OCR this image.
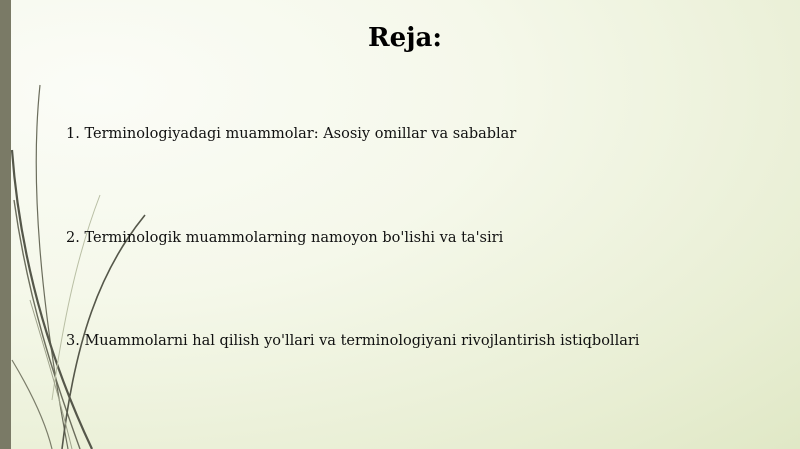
Reja:
1. Terminologiyadagi muammolar: Asosiy omillar va sabablar
2. Terminologik muammolarning namoyon bo'lishi va ta'siri
3. Muammolarni hal qilish yo'llari va terminologiyani rivojlantirish istiqbollari
